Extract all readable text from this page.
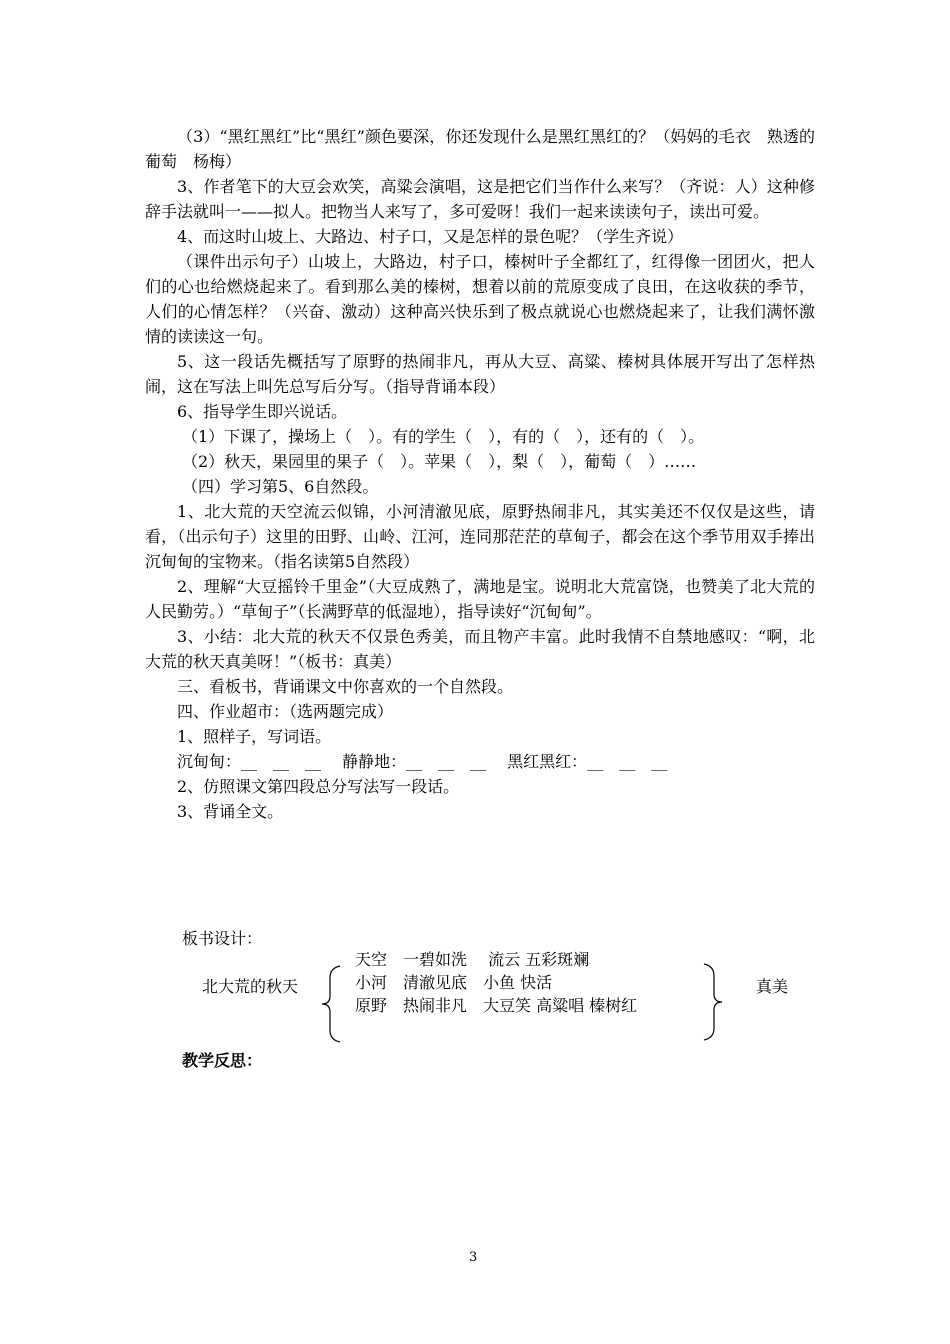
（3）“黑红黑红”比“黑红”颜色要深，你还发现什么是黑红黑红的？（妈妈的毛衣　熟透的葡萄　杨梅）
3、作者笔下的大豆会欢笑，高粱会演唱，这是把它们当作什么来写？（齐说：人）这种修辞手法就叫一——拟人。把物当人来写了，多可爱呀！我们一起来读读句子，读出可爱。
4、而这时山坡上、大路边、村子口，又是怎样的景色呢？（学生齐说）
（课件出示句子）山坡上，大路边，村子口，榛树叶子全都红了，红得像一团团火，把人们的心也给燃烧起来了。看到那么美的榛树，想着以前的荒原变成了良田，在这收获的季节，人们的心情怎样？（兴奋、激动）这种高兴快乐到了极点就说心也燃烧起来了，让我们满怀激情的读读这一句。
5、这一段话先概括写了原野的热闹非凡，再从大豆、高粱、榛树具体展开写出了怎样热闹，这在写法上叫先总写后分写。（指导背诵本段）
6、指导学生即兴说话。
（1）下课了，操场上（　）。有的学生（　），有的（　），还有的（　）。
（2）秋天，果园里的果子（　）。苹果（　），梨（　），葡萄（　）……
（四）学习第5、6自然段。
1、北大荒的天空流云似锦，小河清澈见底，原野热闹非凡，其实美还不仅仅是这些，请看，（出示句子）这里的田野、山岭、江河，连同那茫茫的草甸子，都会在这个季节用双手捧出沉甸甸的宝物来。（指名读第5自然段）
2、理解“大豆摇铃千里金”（大豆成熟了，满地是宝。说明北大荒富饶，也赞美了北大荒的人民勤劳。）“草甸子”（长满野草的低湿地），指导读好“沉甸甸”。
3、小结：北大荒的秋天不仅景色秀美，而且物产丰富。此时我情不自禁地感叹：“啊，北大荒的秋天真美呀！”（板书：真美）
三、看板书，背诵课文中你喜欢的一个自然段。
四、作业超市：（选两题完成）
1、照样子，写词语。
沉甸甸：__　__　__　 静静地：__　__　__　 黑红黑红：__　__　__
2、仿照课文第四段总分写法写一段话。
3、背诵全文。
板书设计：
北大荒的秋天
天空　一碧如洗　 流云 五彩斑斓
小河　清澈见底　小鱼 快活
原野　热闹非凡　大豆笑 高粱唱 榛树红
真美
教学反思：
3
